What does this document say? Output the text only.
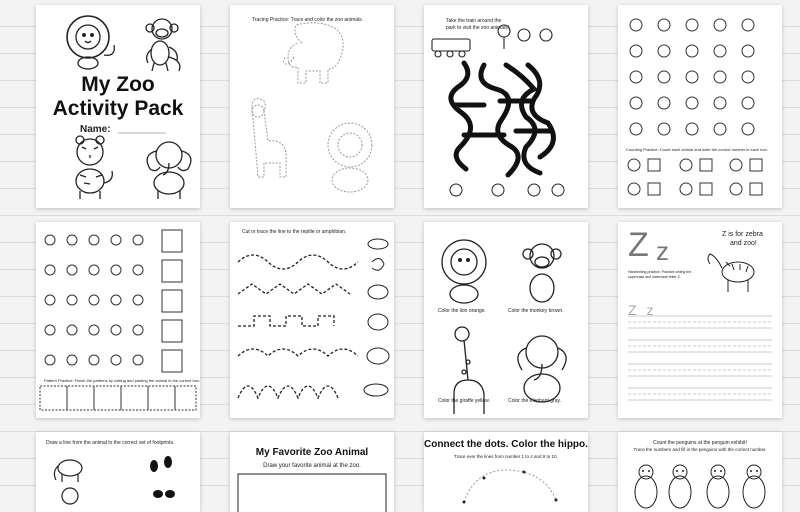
My Zoo
Activity Pack
Name:
Tracing Practice: Trace and color the zoo animals.	Take the train around the
park to visit the zoo animals!
Counting Practice: Count each animal and write the correct number in each box.
Pattern Practice: Finish the patterns by cutting and pasting the animal in the correct box.
Cut or trace the line to the reptile or amphibian.
Color the lion orange.	Color the monkey brown.
Color the giraffe yellow.	Color the elephant gray.
Z z
Z is for zebra
and zoo!
Handwriting practice: Practice writing the
uppercase and lowercase letter Z.
Z z
Draw a line from the animal to the correct set of footprints.
My Favorite Zoo Animal
Draw your favorite animal at the zoo.
Connect the dots. Color the hippo.
Trace over the lines from number 1 to 4 and 9 to 10.
Count the penguins at the penguin exhibit!
Trace the numbers and fill in the penguins with the correct number.
